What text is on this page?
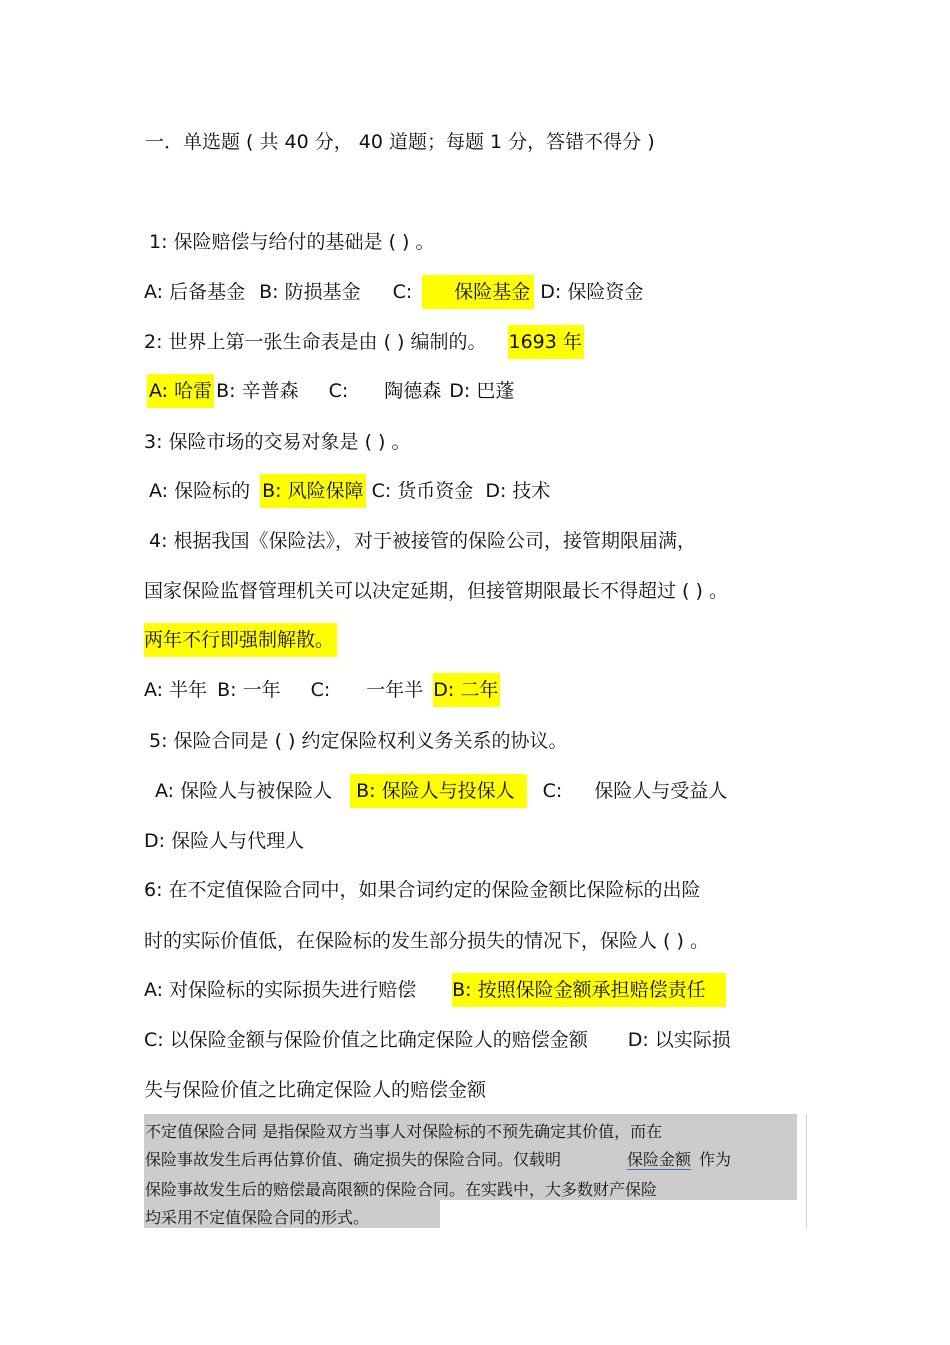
一．单选题 ( 共 40 分， 40 道题；每题 1 分，答错不得分 )
1: 保险赔偿与给付的基础是 ( ) 。
A: 后备基金 B: 防损基金 C: 保险基金 D: 保险资金
2: 世界上第一张生命表是由 ( ) 编制的。 1693 年
A: 哈雷 B: 辛普森 C: 陶德森 D: 巴蓬
3: 保险市场的交易对象是 ( ) 。
A: 保险标的 B: 风险保障 C: 货币资金 D: 技术
4: 根据我国《保险法》，对于被接管的保险公司，接管期限届满，
国家保险监督管理机关可以决定延期，但接管期限最长不得超过 ( ) 。
两年不行即强制解散。
A: 半年 B: 一年 C: 一年半 D: 二年
5: 保险合同是 ( ) 约定保险权利义务关系的协议。
A: 保险人与被保险人 B: 保险人与投保人 C: 保险人与受益人
D: 保险人与代理人
6: 在不定值保险合同中，如果合词约定的保险金额比保险标的出险
时的实际价值低，在保险标的发生部分损失的情况下，保险人 ( ) 。
A: 对保险标的实际损失进行赔偿 B: 按照保险金额承担赔偿责任
C: 以保险金额与保险价值之比确定保险人的赔偿金额 D: 以实际损
失与保险价值之比确定保险人的赔偿金额
不定值保险合同 是指保险双方当事人对保险标的不预先确定其价值，而在
保险事故发生后再估算价值、确定损失的保险合同。仅载明	保险金额 作为
保险事故发生后的赔偿最高限额的保险合同。在实践中，大多数财产保险
均采用不定值保险合同的形式。
